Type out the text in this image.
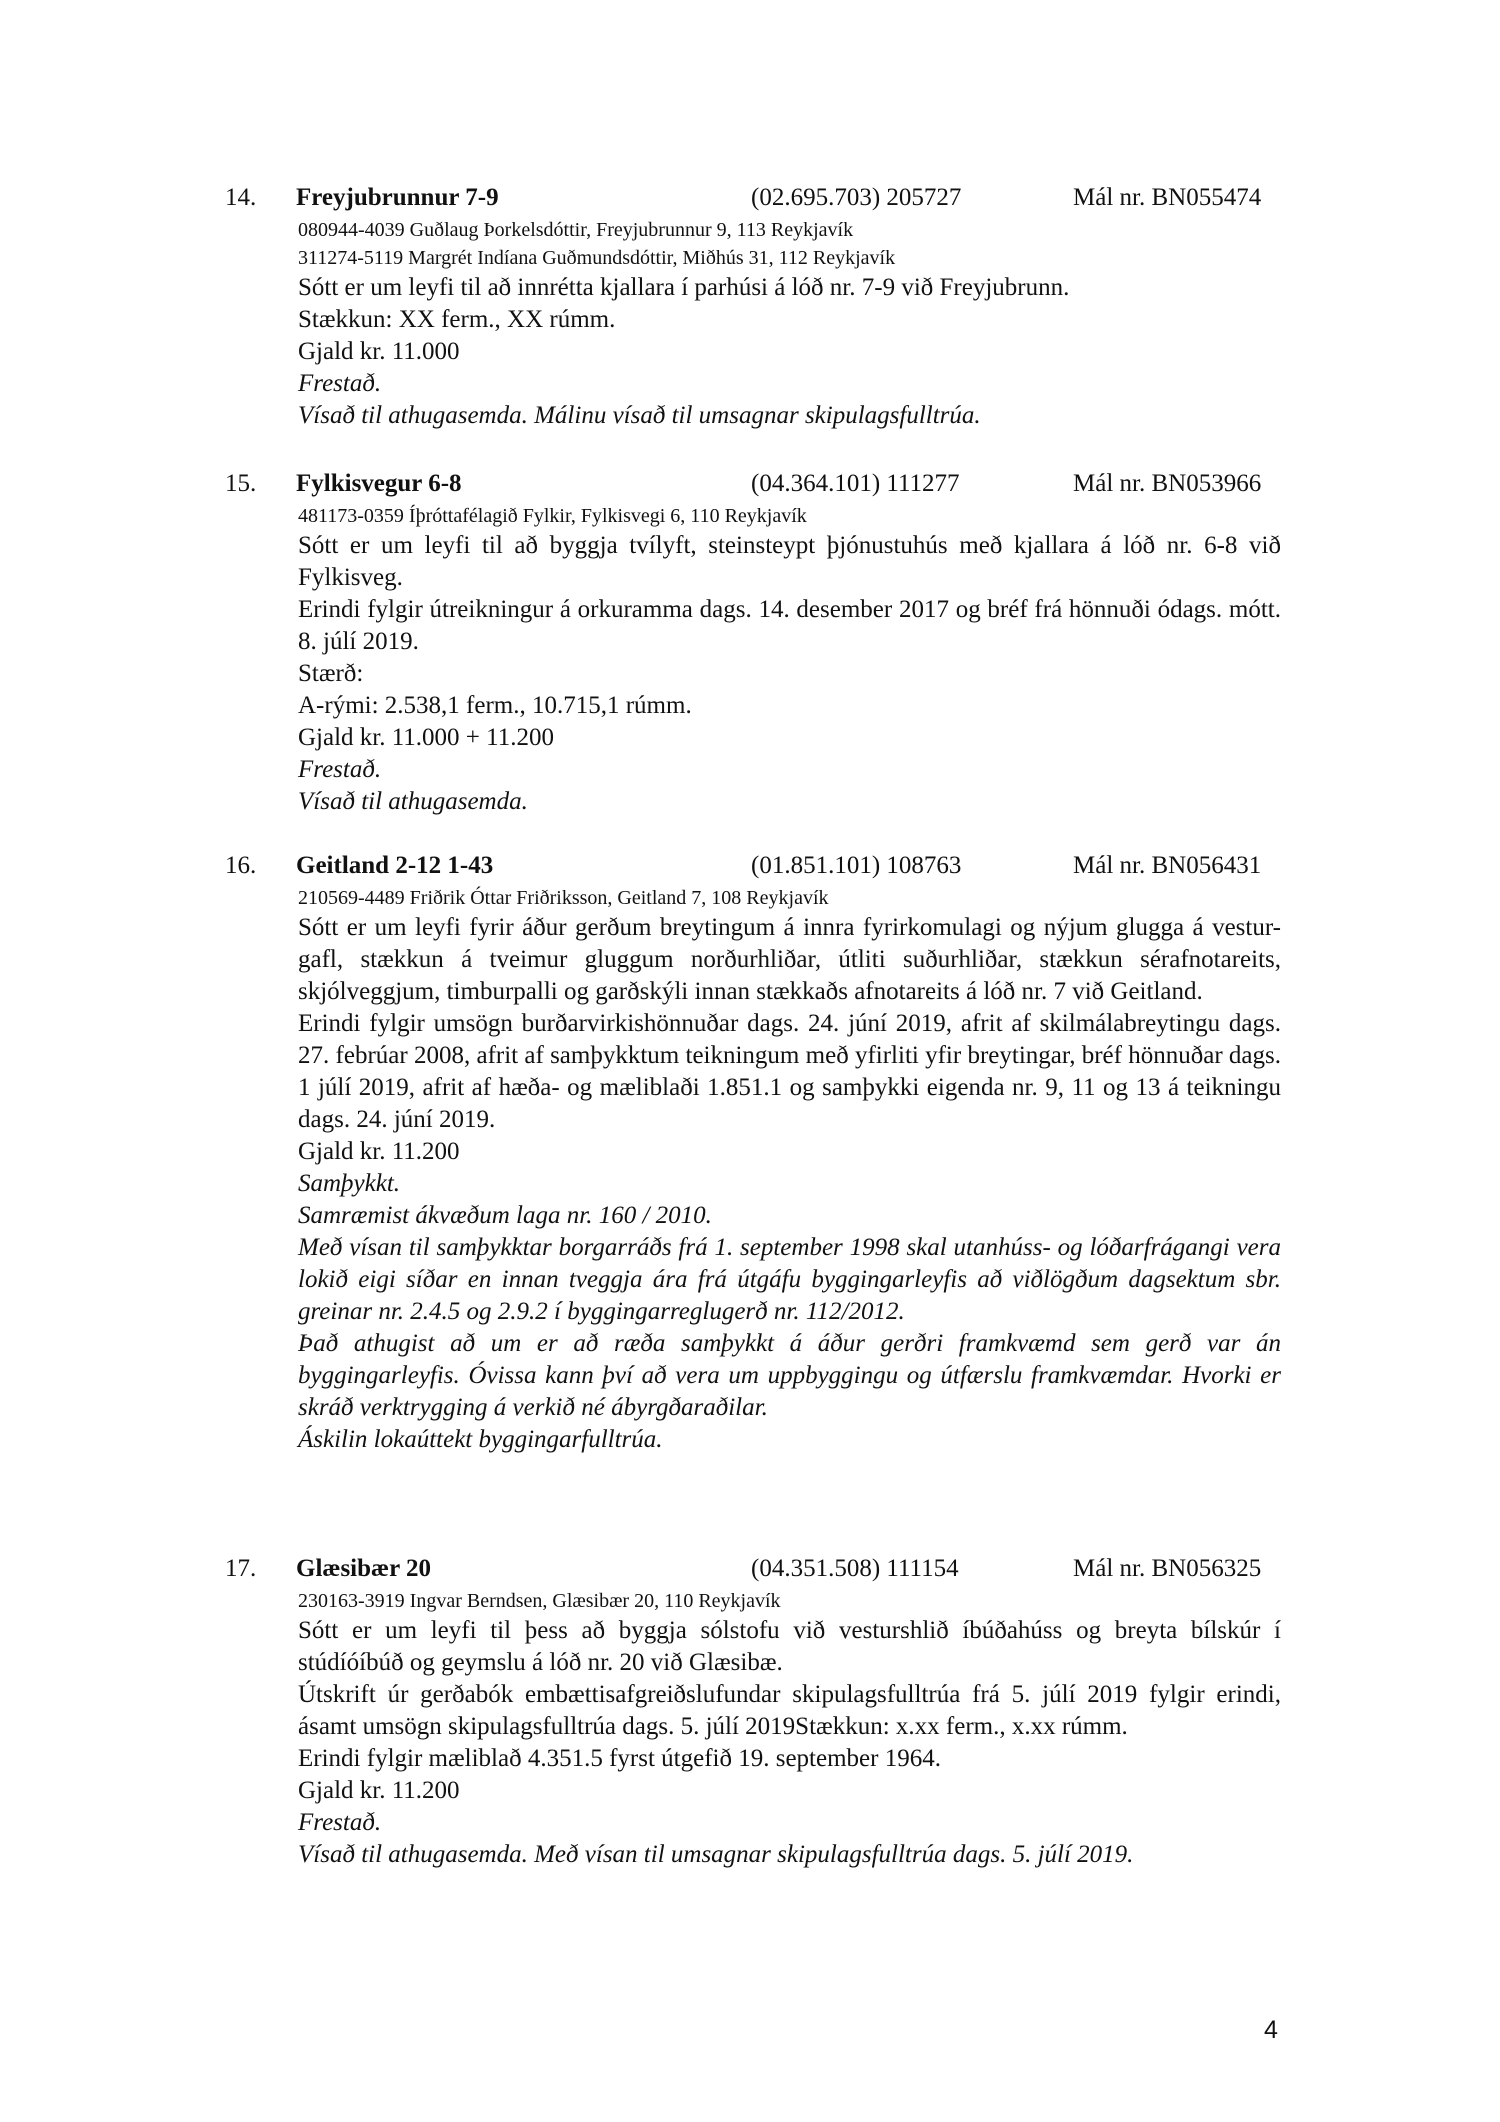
14. Freyjubrunnur 7-9	(02.695.703) 205727	Mál nr. BN055474
080944-4039 Guðlaug Þorkelsdóttir, Freyjubrunnur 9, 113 Reykjavík
311274-5119 Margrét Indíana Guðmundsdóttir, Miðhús 31, 112 Reykjavík
Sótt er um leyfi til að innrétta kjallara í parhúsi á lóð nr. 7-9 við Freyjubrunn.
Stækkun: XX ferm., XX rúmm.
Gjald kr. 11.000
Frestað.
Vísað til athugasemda. Málinu vísað til umsagnar skipulagsfulltrúa.
15. Fylkisvegur 6-8	(04.364.101) 111277	Mál nr. BN053966
481173-0359 Íþróttafélagið Fylkir, Fylkisvegi 6, 110 Reykjavík
Sótt er um leyfi til að byggja tvílyft, steinsteypt þjónustuhús með kjallara á lóð nr. 6-8 við Fylkisveg.
Erindi fylgir útreikningur á orkuramma dags. 14. desember 2017 og bréf frá hönnuði ódags. mótt. 8. júlí 2019.
Stærð:
A-rými: 2.538,1 ferm., 10.715,1 rúmm.
Gjald kr. 11.000 + 11.200
Frestað.
Vísað til athugasemda.
16. Geitland 2-12 1-43	(01.851.101) 108763	Mál nr. BN056431
210569-4489 Friðrik Óttar Friðriksson, Geitland 7, 108 Reykjavík
Sótt er um leyfi fyrir áður gerðum breytingum á innra fyrirkomulagi og nýjum glugga á vestur-gafl, stækkun á tveimur gluggum norðurhliðar, útliti suðurhliðar, stækkun sérafnotareits, skjólveggjum, timburpalli og garðskýli innan stækkaðs afnotareits á lóð nr. 7 við Geitland.
Erindi fylgir umsögn burðarvirkishönnuðar dags. 24. júní 2019, afrit af skilmálabreytingu dags. 27. febrúar 2008, afrit af samþykktum teikningum með yfirliti yfir breytingar, bréf hönnuðar dags. 1 júlí 2019, afrit af hæða- og mæliblaði 1.851.1 og samþykki eigenda nr. 9, 11 og 13 á teikningu dags. 24. júní 2019.
Gjald kr. 11.200
Samþykkt.
Samræmist ákvæðum laga nr. 160 / 2010.
Með vísan til samþykktar borgarráðs frá 1. september 1998 skal utanhúss- og lóðarfrágangi vera lokið eigi síðar en innan tveggja ára frá útgáfu byggingarleyfis að viðlögðum dagsektum sbr. greinar nr. 2.4.5 og 2.9.2 í byggingarreglugerð nr. 112/2012.
Það athugist að um er að ræða samþykkt á áður gerðri framkvæmd sem gerð var án byggingarleyfis. Óvissa kann því að vera um uppbyggingu og útfærslu framkvæmdar. Hvorki er skráð verktrygging á verkið né ábyrgðaraðilar.
Áskilin lokaúttekt byggingarfulltrúa.
17. Glæsibær 20	(04.351.508) 111154	Mál nr. BN056325
230163-3919 Ingvar Berndsen, Glæsibær 20, 110 Reykjavík
Sótt er um leyfi til þess að byggja sólstofu við vesturshlið íbúðahúss og breyta bílskúr í stúdíóíbúð og geymslu á lóð nr. 20 við Glæsibæ.
Útskrift úr gerðabók embættisafgreiðslufundar skipulagsfulltrúa frá 5. júlí 2019 fylgir erindi, ásamt umsögn skipulagsfulltrúa dags. 5. júlí 2019Stækkun: x.xx ferm., x.xx rúmm.
Erindi fylgir mæliblað 4.351.5 fyrst útgefið 19. september 1964.
Gjald kr. 11.200
Frestað.
Vísað til athugasemda. Með vísan til umsagnar skipulagsfulltrúa dags. 5. júlí 2019.
4
